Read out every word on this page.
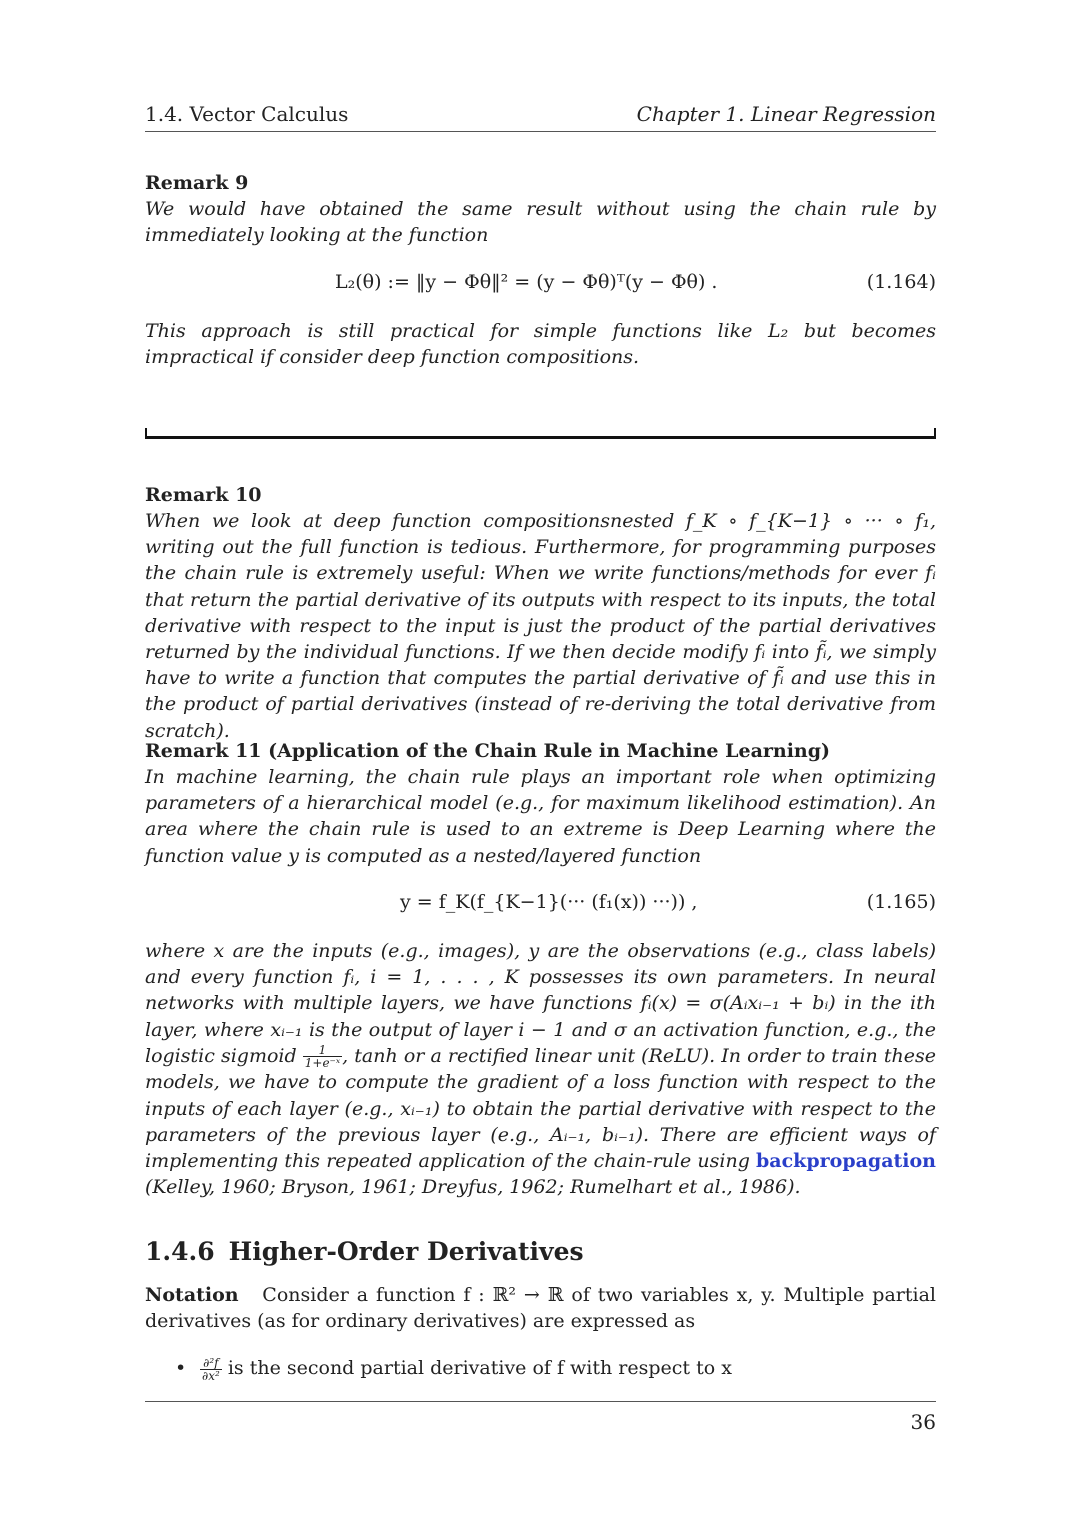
1.4. Vector Calculus	Chapter 1. Linear Regression
Remark 9
We would have obtained the same result without using the chain rule by immediately looking at the function
L₂(θ) := ‖y − Φθ‖² = (y − Φθ)ᵀ(y − Φθ) .	(1.164)
This approach is still practical for simple functions like L₂ but becomes impractical if consider deep function compositions.
Remark 10
When we look at deep function compositionsnested f_K ∘ f_{K−1} ∘ ··· ∘ f₁, writing out the full function is tedious. Furthermore, for programming purposes the chain rule is extremely useful: When we write functions/methods for ever fᵢ that return the partial derivative of its outputs with respect to its inputs, the total derivative with respect to the input is just the product of the partial derivatives returned by the individual functions. If we then decide modify fᵢ into f̃ᵢ, we simply have to write a function that computes the partial derivative of f̃ᵢ and use this in the product of partial derivatives (instead of re-deriving the total derivative from scratch).
Remark 11 (Application of the Chain Rule in Machine Learning)
In machine learning, the chain rule plays an important role when optimizing parameters of a hierarchical model (e.g., for maximum likelihood estimation). An area where the chain rule is used to an extreme is Deep Learning where the function value y is computed as a nested/layered function
y = f_K(f_{K−1}(··· (f₁(x)) ···)) ,	(1.165)
where x are the inputs (e.g., images), y are the observations (e.g., class labels) and every function fᵢ, i = 1, . . . , K possesses its own parameters. In neural networks with multiple layers, we have functions fᵢ(x) = σ(Aᵢxᵢ₋₁ + bᵢ) in the ith layer, where xᵢ₋₁ is the output of layer i − 1 and σ an activation function, e.g., the logistic sigmoid $\frac{1}{\text{1+e⁻ˣ}}$ , tanh or a rectified linear unit (ReLU). In order to train these models, we have to compute the gradient of a loss function with respect to the inputs of each layer (e.g., xᵢ₋₁) to obtain the partial derivative with respect to the parameters of the previous layer (e.g., Aᵢ₋₁, bᵢ₋₁). There are efficient ways of implementing this repeated application of the chain-rule using backpropagation (Kelley, 1960; Bryson, 1961; Dreyfus, 1962; Rumelhart et al., 1986).
1.4.6 Higher-Order Derivatives
Notation Consider a function f : ℝ² → ℝ of two variables x, y. Multiple partial derivatives (as for ordinary derivatives) are expressed as
• $\frac{\text{∂²f}}{\text{∂x²}}$ is the second partial derivative of f with respect to x
36
